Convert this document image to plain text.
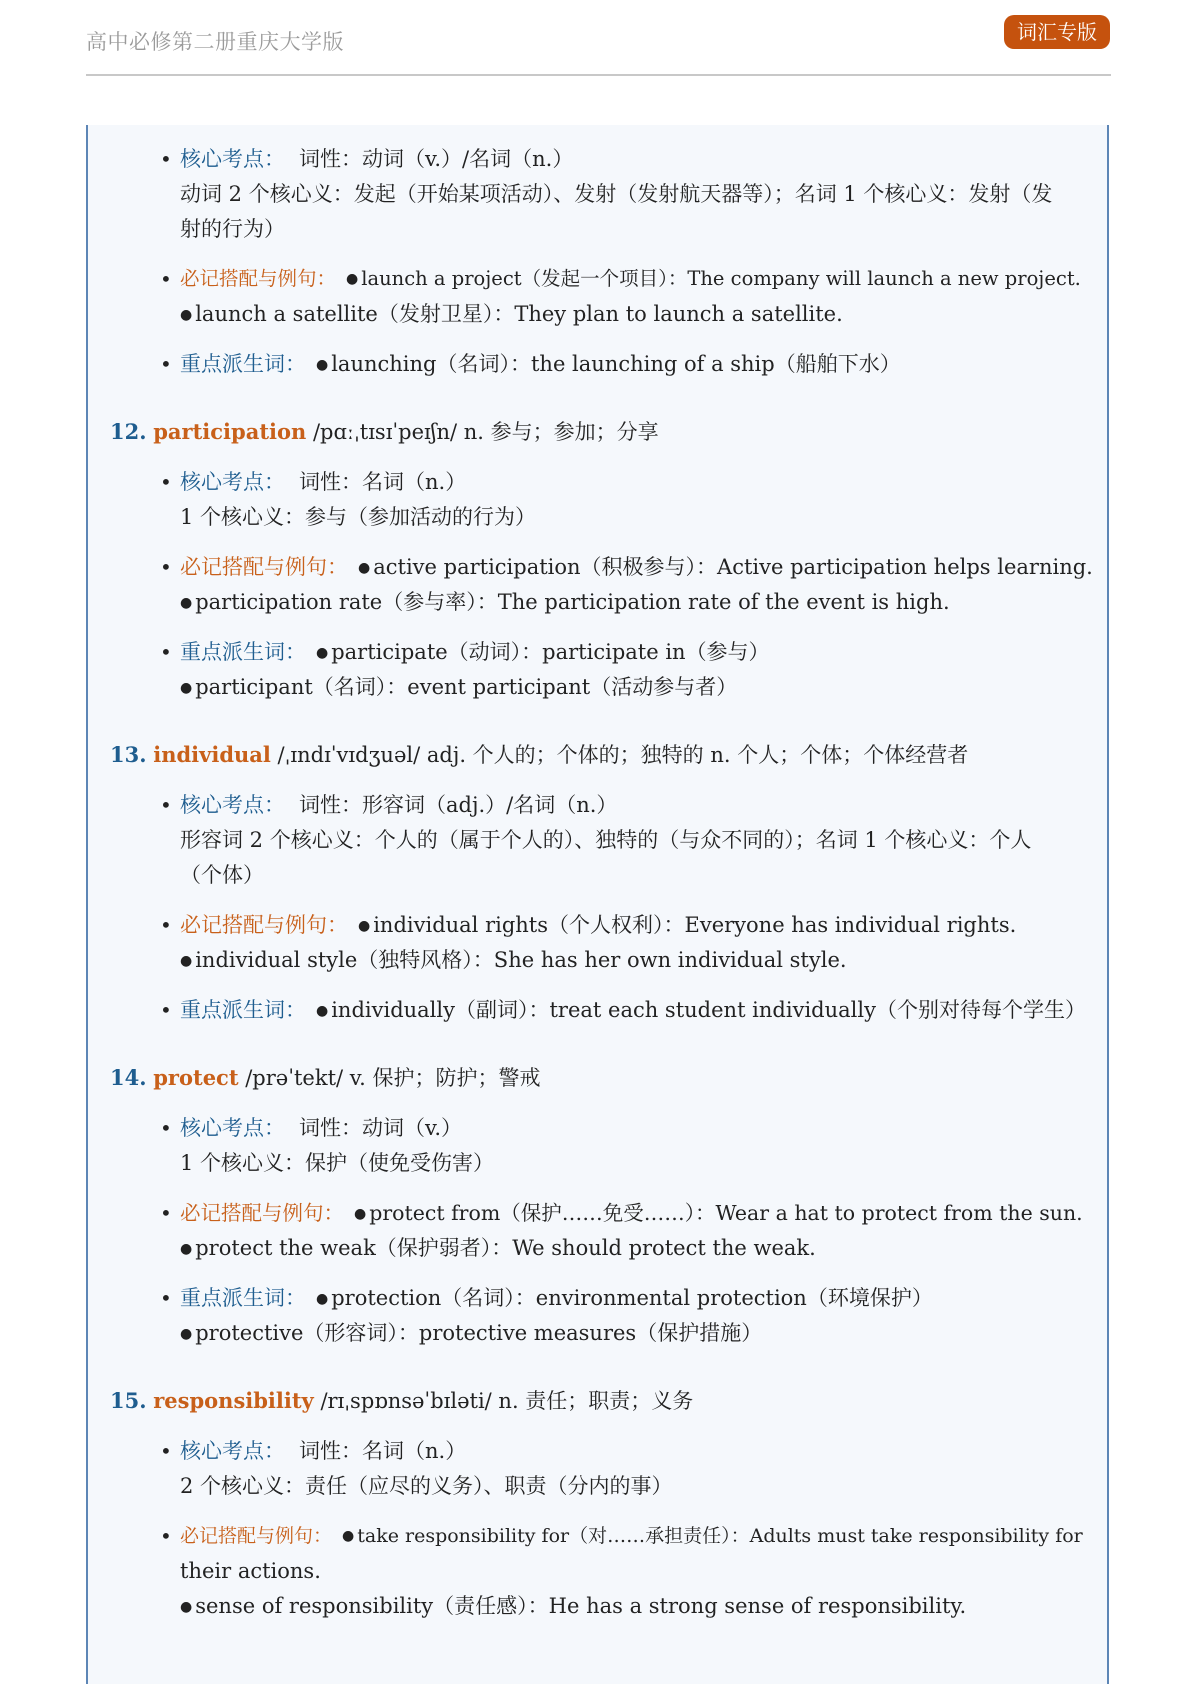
高中必修第二册重庆大学版	词汇专版
• 核心考点： 词性：动词（v.）/名词（n.）
动词 2 个核心义：发起（开始某项活动）、发射（发射航天器等）；名词 1 个核心义：发射（发
射的行为）
• 必记搭配与例句： ● launch a project（发起一个项目）：The company will launch a new project.
● launch a satellite（发射卫星）：They plan to launch a satellite.
• 重点派生词： ● launching（名词）：the launching of a ship（船舶下水）
12. participation /pɑːˌtɪsɪˈpeɪʃn/ n. 参与；参加；分享
• 核心考点： 词性：名词（n.）
1 个核心义：参与（参加活动的行为）
• 必记搭配与例句： ● active participation（积极参与）：Active participation helps learning.
● participation rate（参与率）：The participation rate of the event is high.
• 重点派生词： ● participate（动词）：participate in（参与）
● participant（名词）：event participant（活动参与者）
13. individual /ˌɪndɪˈvɪdʒuəl/ adj. 个人的；个体的；独特的 n. 个人；个体；个体经营者
• 核心考点： 词性：形容词（adj.）/名词（n.）
形容词 2 个核心义：个人的（属于个人的）、独特的（与众不同的）；名词 1 个核心义：个人
（个体）
• 必记搭配与例句： ● individual rights（个人权利）：Everyone has individual rights.
● individual style（独特风格）：She has her own individual style.
• 重点派生词： ● individually（副词）：treat each student individually（个别对待每个学生）
14. protect /prəˈtekt/ v. 保护；防护；警戒
• 核心考点： 词性：动词（v.）
1 个核心义：保护（使免受伤害）
• 必记搭配与例句： ● protect from（保护……免受……）：Wear a hat to protect from the sun.
● protect the weak（保护弱者）：We should protect the weak.
• 重点派生词： ● protection（名词）：environmental protection（环境保护）
● protective（形容词）：protective measures（保护措施）
15. responsibility /rɪˌspɒnsəˈbɪləti/ n. 责任；职责；义务
• 核心考点： 词性：名词（n.）
2 个核心义：责任（应尽的义务）、职责（分内的事）
• 必记搭配与例句： ● take responsibility for（对……承担责任）：Adults must take responsibility for
their actions.
● sense of responsibility（责任感）：He has a strong sense of responsibility.
